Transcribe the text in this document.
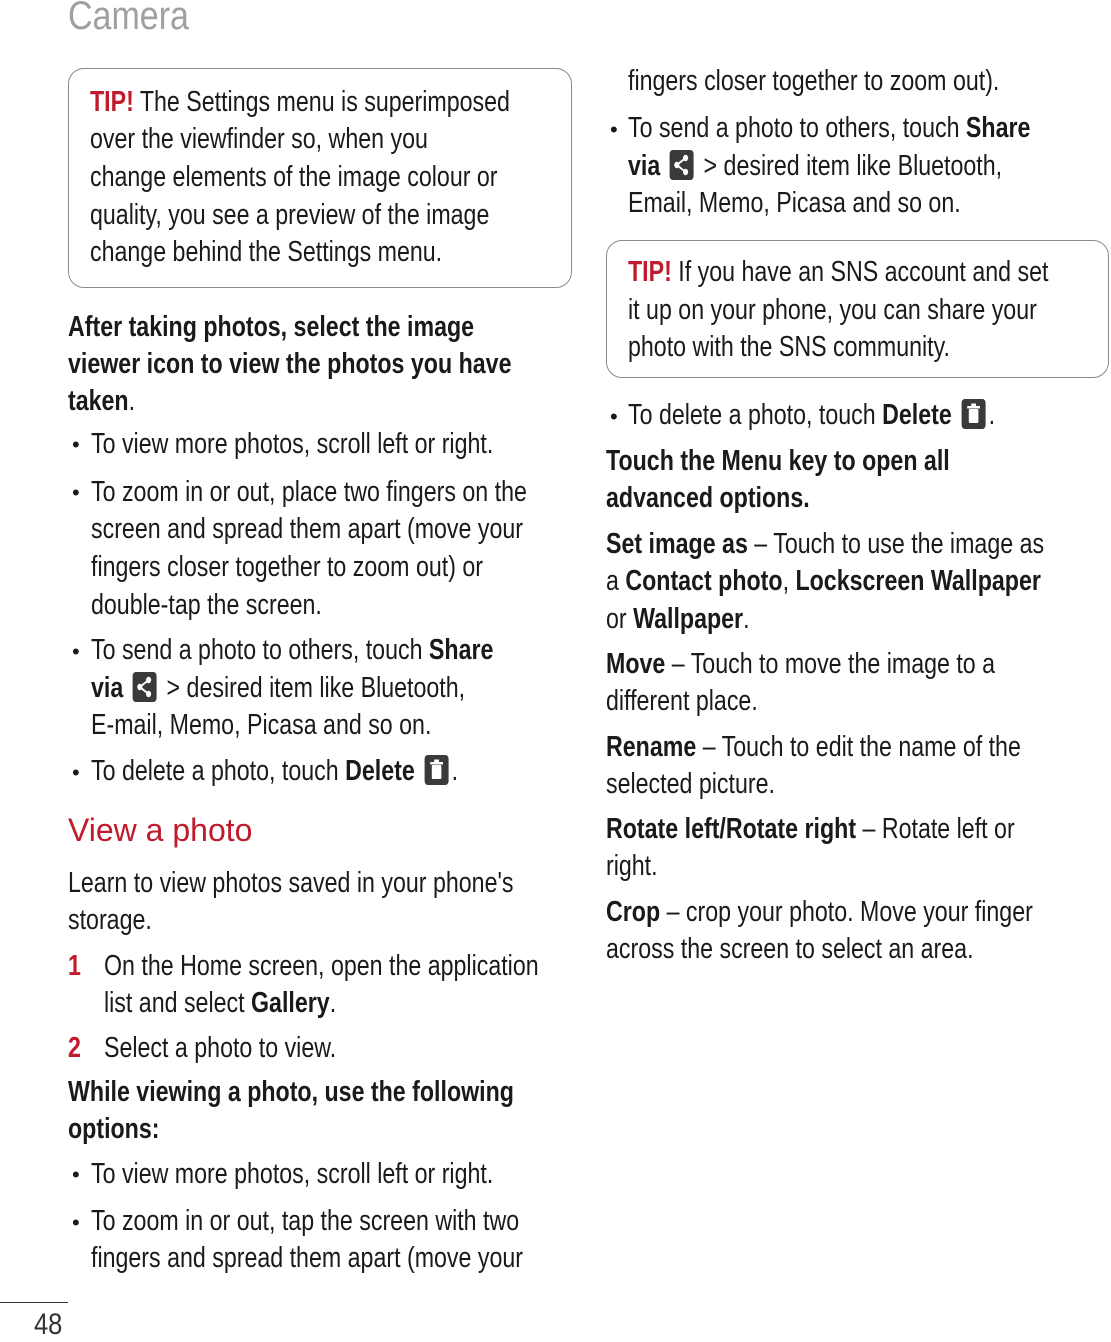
Camera
TIP! The Settings menu is superimposed
over the viewfinder so, when you
change elements of the image colour or
quality, you see a preview of the image
change behind the Settings menu.
After taking photos, select the image
viewer icon to view the photos you have
taken.
• To view more photos, scroll left or right.
• To zoom in or out, place two fingers on the
screen and spread them apart (move your
fingers closer together to zoom out) or
double-tap the screen.
• To send a photo to others, touch Share
via
> desired item like Bluetooth,
E-mail, Memo, Picasa and so on.
• To delete a photo, touch Delete .
View a photo
Learn to view photos saved in your phone's
storage.
1 On the Home screen, open the application
list and select Gallery.
2 Select a photo to view.
While viewing a photo, use the following
options:
• To view more photos, scroll left or right.
• To zoom in or out, tap the screen with two
fingers and spread them apart (move your
fingers closer together to zoom out).
• To send a photo to others, touch Share
via
> desired item like Bluetooth,
Email, Memo, Picasa and so on.
TIP! If you have an SNS account and set
it up on your phone, you can share your
photo with the SNS community.
• To delete a photo, touch Delete .
Touch the Menu key to open all
advanced options.
Set image as – Touch to use the image as
a Contact photo, Lockscreen Wallpaper
or Wallpaper.
Move – Touch to move the image to a
different place.
Rename – Touch to edit the name of the
selected picture.
Rotate left/Rotate right – Rotate left or
right.
Crop – crop your photo. Move your finger
across the screen to select an area.
48
